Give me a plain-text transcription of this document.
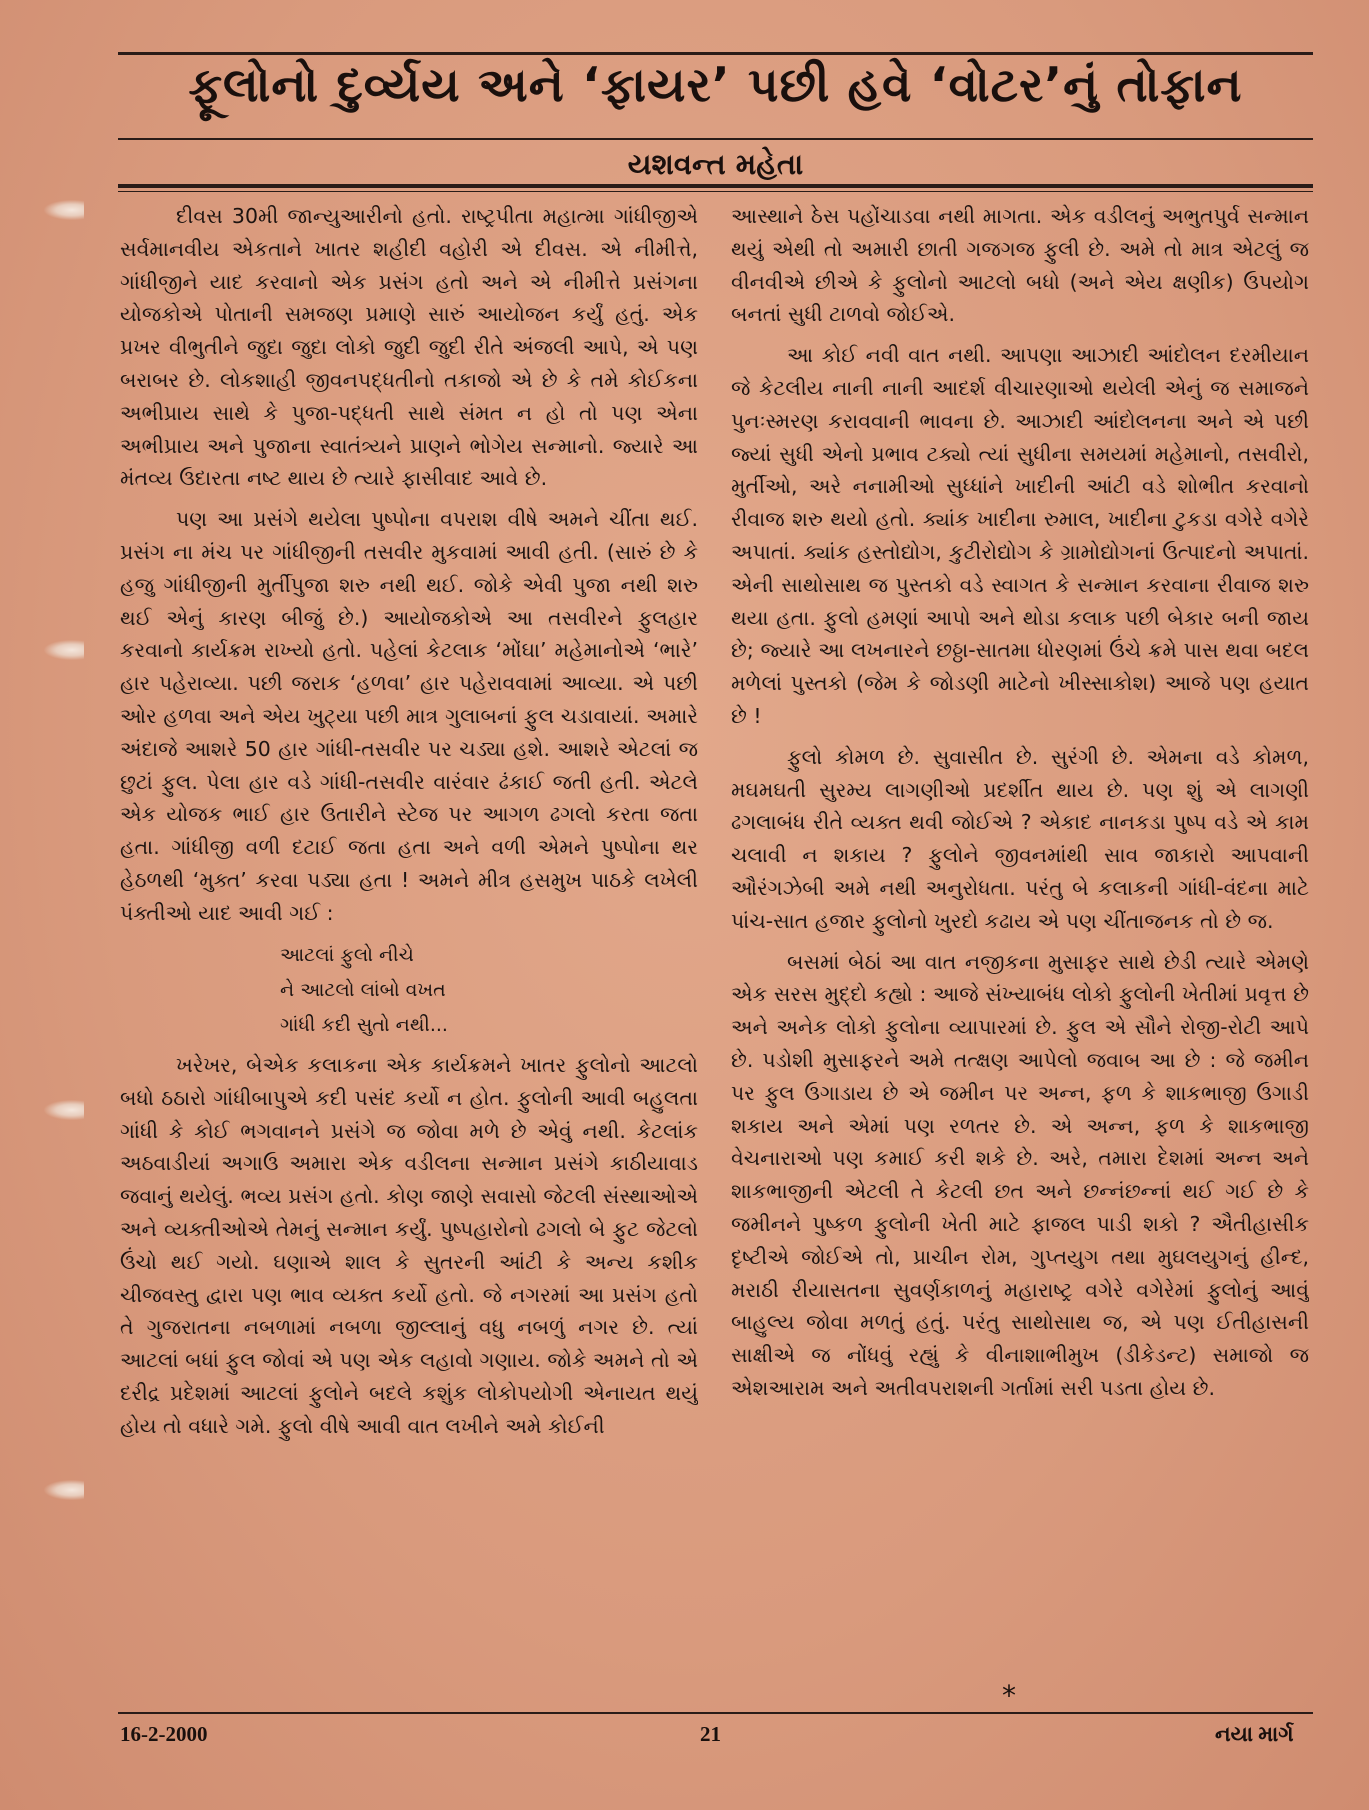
ફૂલોનો દુર્વ્યય અને ‘ફાયર’ પછી હવે ‘વોટર’નું તોફાન
યશવન્ત મહેતા

દીવસ 30મી જાન્યુઆરીનો હતો. રાષ્ટ્રપીતા મહાત્મા ગાંધીજીએ સર્વમાનવીય એકતાને ખાતર શહીદી વહોરી એ દીવસ. એ નીમીત્તે, ગાંધીજીને યાદ કરવાનો એક પ્રસંગ હતો અને એ નીમીત્તે પ્રસંગના યોજકોએ પોતાની સમજણ પ્રમાણે સારું આયોજન કર્યું હતું. એક પ્રખર વીભુતીને જુદા જુદા લોકો જુદી જુદી રીતે અંજલી આપે, એ પણ બરાબર છે. લોકશાહી જીવનપદ્ધતીનો તકાજો એ છે કે તમે કોઈકના અભીપ્રાય સાથે કે પુજા-પદ્ધતી સાથે સંમત ન હો તો પણ એના અભીપ્રાય અને પુજાના સ્વાતંત્ર્યને પ્રાણને ભોગેય સન્માનો. જ્યારે આ મંતવ્ય ઉદારતા નષ્ટ થાય છે ત્યારે ફાસીવાદ આવે છે.

પણ આ પ્રસંગે થયેલા પુષ્પોના વપરાશ વીષે અમને ચીંતા થઈ. પ્રસંગ ના મંચ પર ગાંધીજીની તસવીર મુકવામાં આવી હતી. (સારું છે કે હજુ ગાંધીજીની મુર્તીપુજા શરુ નથી થઈ. જોકે એવી પુજા નથી શરુ થઈ એનું કારણ બીજું છે.) આયોજકોએ આ તસવીરને ફુલહાર કરવાનો કાર્યક્રમ રાખ્યો હતો. પહેલાં કેટલાક ‘મોંઘા’ મહેમાનોએ ‘ભારે’ હાર પહેરાવ્યા. પછી જરાક ‘હળવા’ હાર પહેરાવવામાં આવ્યા. એ પછી ઓર હળવા અને એય ખુટ્યા પછી માત્ર ગુલાબનાં ફુલ ચડાવાયાં. અમારે અંદાજે આશરે 50 હાર ગાંધી-તસવીર પર ચડ્યા હશે. આશરે એટલાં જ છુટાં ફુલ. પેલા હાર વડે ગાંધી-તસવીર વારંવાર ઢંકાઈ જતી હતી. એટલે એક યોજક ભાઈ હાર ઉતારીને સ્ટેજ પર આગળ ઢગલો કરતા જતા હતા. ગાંધીજી વળી દટાઈ જતા હતા અને વળી એમને પુષ્પોના થર હેઠળથી ‘મુક્ત’ કરવા પડ્યા હતા ! અમને મીત્ર હસમુખ પાઠકે લખેલી પંક્તીઓ યાદ આવી ગઈ :

આટલાં ફુલો નીચે
ને આટલો લાંબો વખત
ગાંધી કદી સુતો નથી...

ખરેખર, બેએક કલાકના એક કાર્યક્રમને ખાતર ફુલોનો આટલો બધો ઠઠારો ગાંધીબાપુએ કદી પસંદ કર્યો ન હોત. ફુલોની આવી બહુલતા ગાંધી કે કોઈ ભગવાનને પ્રસંગે જ જોવા મળે છે એવું નથી. કેટલાંક અઠવાડીયાં અગાઉ અમારા એક વડીલના સન્માન પ્રસંગે કાઠીયાવાડ જવાનું થયેલું. ભવ્ય પ્રસંગ હતો. કોણ જાણે સવાસો જેટલી સંસ્થાઓએ અને વ્યક્તીઓએ તેમનું સન્માન કર્યું. પુષ્પહારોનો ઢગલો બે ફુટ જેટલો ઉંચો થઈ ગયો. ઘણાએ શાલ કે સુતરની આંટી કે અન્ય કશીક ચીજવસ્તુ દ્વારા પણ ભાવ વ્યક્ત કર્યો હતો. જે નગરમાં આ પ્રસંગ હતો તે ગુજરાતના નબળામાં નબળા જીલ્લાનું વધુ નબળું નગર છે. ત્યાં આટલાં બધાં ફુલ જોવાં એ પણ એક લહાવો ગણાય. જોકે અમને તો એ દરીદ્ર પ્રદેશમાં આટલાં ફુલોને બદલે કશુંક લોકોપયોગી એનાયત થયું હોય તો વધારે ગમે. ફુલો વીષે આવી વાત લખીને અમે કોઈની

આસ્થાને ઠેસ પહોંચાડવા નથી માગતા. એક વડીલનું અભુતપુર્વ સન્માન થયું એથી તો અમારી છાતી ગજગજ ફુલી છે. અમે તો માત્ર એટલું જ વીનવીએ છીએ કે ફુલોનો આટલો બધો (અને એય ક્ષણીક) ઉપયોગ બનતાં સુધી ટાળવો જોઈએ.

આ કોઈ નવી વાત નથી. આપણા આઝાદી આંદોલન દરમીયાન જે કેટલીય નાની નાની આદર્શ વીચારણાઓ થયેલી એનું જ સમાજને પુનઃસ્મરણ કરાવવાની ભાવના છે. આઝાદી આંદોલનના અને એ પછી જ્યાં સુધી એનો પ્રભાવ ટક્યો ત્યાં સુધીના સમયમાં મહેમાનો, તસવીરો, મુર્તીઓ, અરે નનામીઓ સુધ્ધાંને ખાદીની આંટી વડે શોભીત કરવાનો રીવાજ શરુ થયો હતો. ક્યાંક ખાદીના રુમાલ, ખાદીના ટુકડા વગેરે વગેરે અપાતાં. ક્યાંક હસ્તોદ્યોગ, કુટીરોદ્યોગ કે ગ્રામોદ્યોગનાં ઉત્પાદનો અપાતાં. એની સાથોસાથ જ પુસ્તકો વડે સ્વાગત કે સન્માન કરવાના રીવાજ શરુ થયા હતા. ફુલો હમણાં આપો અને થોડા કલાક પછી બેકાર બની જાય છે; જ્યારે આ લખનારને છઠ્ઠા-સાતમા ધોરણમાં ઉંચે ક્રમે પાસ થવા બદલ મળેલાં પુસ્તકો (જેમ કે જોડણી માટેનો ખીસ્સાકોશ) આજે પણ હયાત છે !

ફુલો કોમળ છે. સુવાસીત છે. સુરંગી છે. એમના વડે કોમળ, મઘમઘતી સુરમ્ય લાગણીઓ પ્રદર્શીત થાય છે. પણ શું એ લાગણી ઢગલાબંધ રીતે વ્યક્ત થવી જોઈએ ? એકાદ નાનકડા પુષ્પ વડે એ કામ ચલાવી ન શકાય ? ફુલોને જીવનમાંથી સાવ જાકારો આપવાની ઔરંગઝેબી અમે નથી અનુરોધતા. પરંતુ બે કલાકની ગાંધી-વંદના માટે પાંચ-સાત હજાર ફુલોનો ખુરદો કઢાય એ પણ ચીંતાજનક તો છે જ.

બસમાં બેઠાં આ વાત નજીકના મુસાફર સાથે છેડી ત્યારે એમણે એક સરસ મુદ્દો કહ્યો : આજે સંખ્યાબંધ લોકો ફુલોની ખેતીમાં પ્રવૃત્ત છે અને અનેક લોકો ફુલોના વ્યાપારમાં છે. ફુલ એ સૌને રોજી-રોટી આપે છે. પડોશી મુસાફરને અમે તત્ક્ષણ આપેલો જવાબ આ છે : જે જમીન પર ફુલ ઉગાડાય છે એ જમીન પર અન્ન, ફળ કે શાકભાજી ઉગાડી શકાય અને એમાં પણ રળતર છે. એ અન્ન, ફળ કે શાકભાજી વેચનારાઓ પણ કમાઈ કરી શકે છે. અરે, તમારા દેશમાં અન્ન અને શાકભાજીની એટલી તે કેટલી છત અને છન્નંછન્નાં થઈ ગઈ છે કે જમીનને પુષ્કળ ફુલોની ખેતી માટે ફાજલ પાડી શકો ? ઐતીહાસીક દૃષ્ટીએ જોઈએ તો, પ્રાચીન રોમ, ગુપ્તયુગ તથા મુઘલયુગનું હીન્દ, મરાઠી રીયાસતના સુવર્ણકાળનું મહારાષ્ટ્ર વગેરે વગેરેમાં ફુલોનું આવું બાહુલ્ય જોવા મળતું હતું. પરંતુ સાથોસાથ જ, એ પણ ઈતીહાસની સાક્ષીએ જ નોંધવું રહ્યું કે વીનાશાભીમુખ (ડીકેડન્ટ) સમાજો જ એશઆરામ અને અતીવપરાશની ગર્તામાં સરી પડતા હોય છે.

*
16-2-2000	21	નયા માર્ગ
